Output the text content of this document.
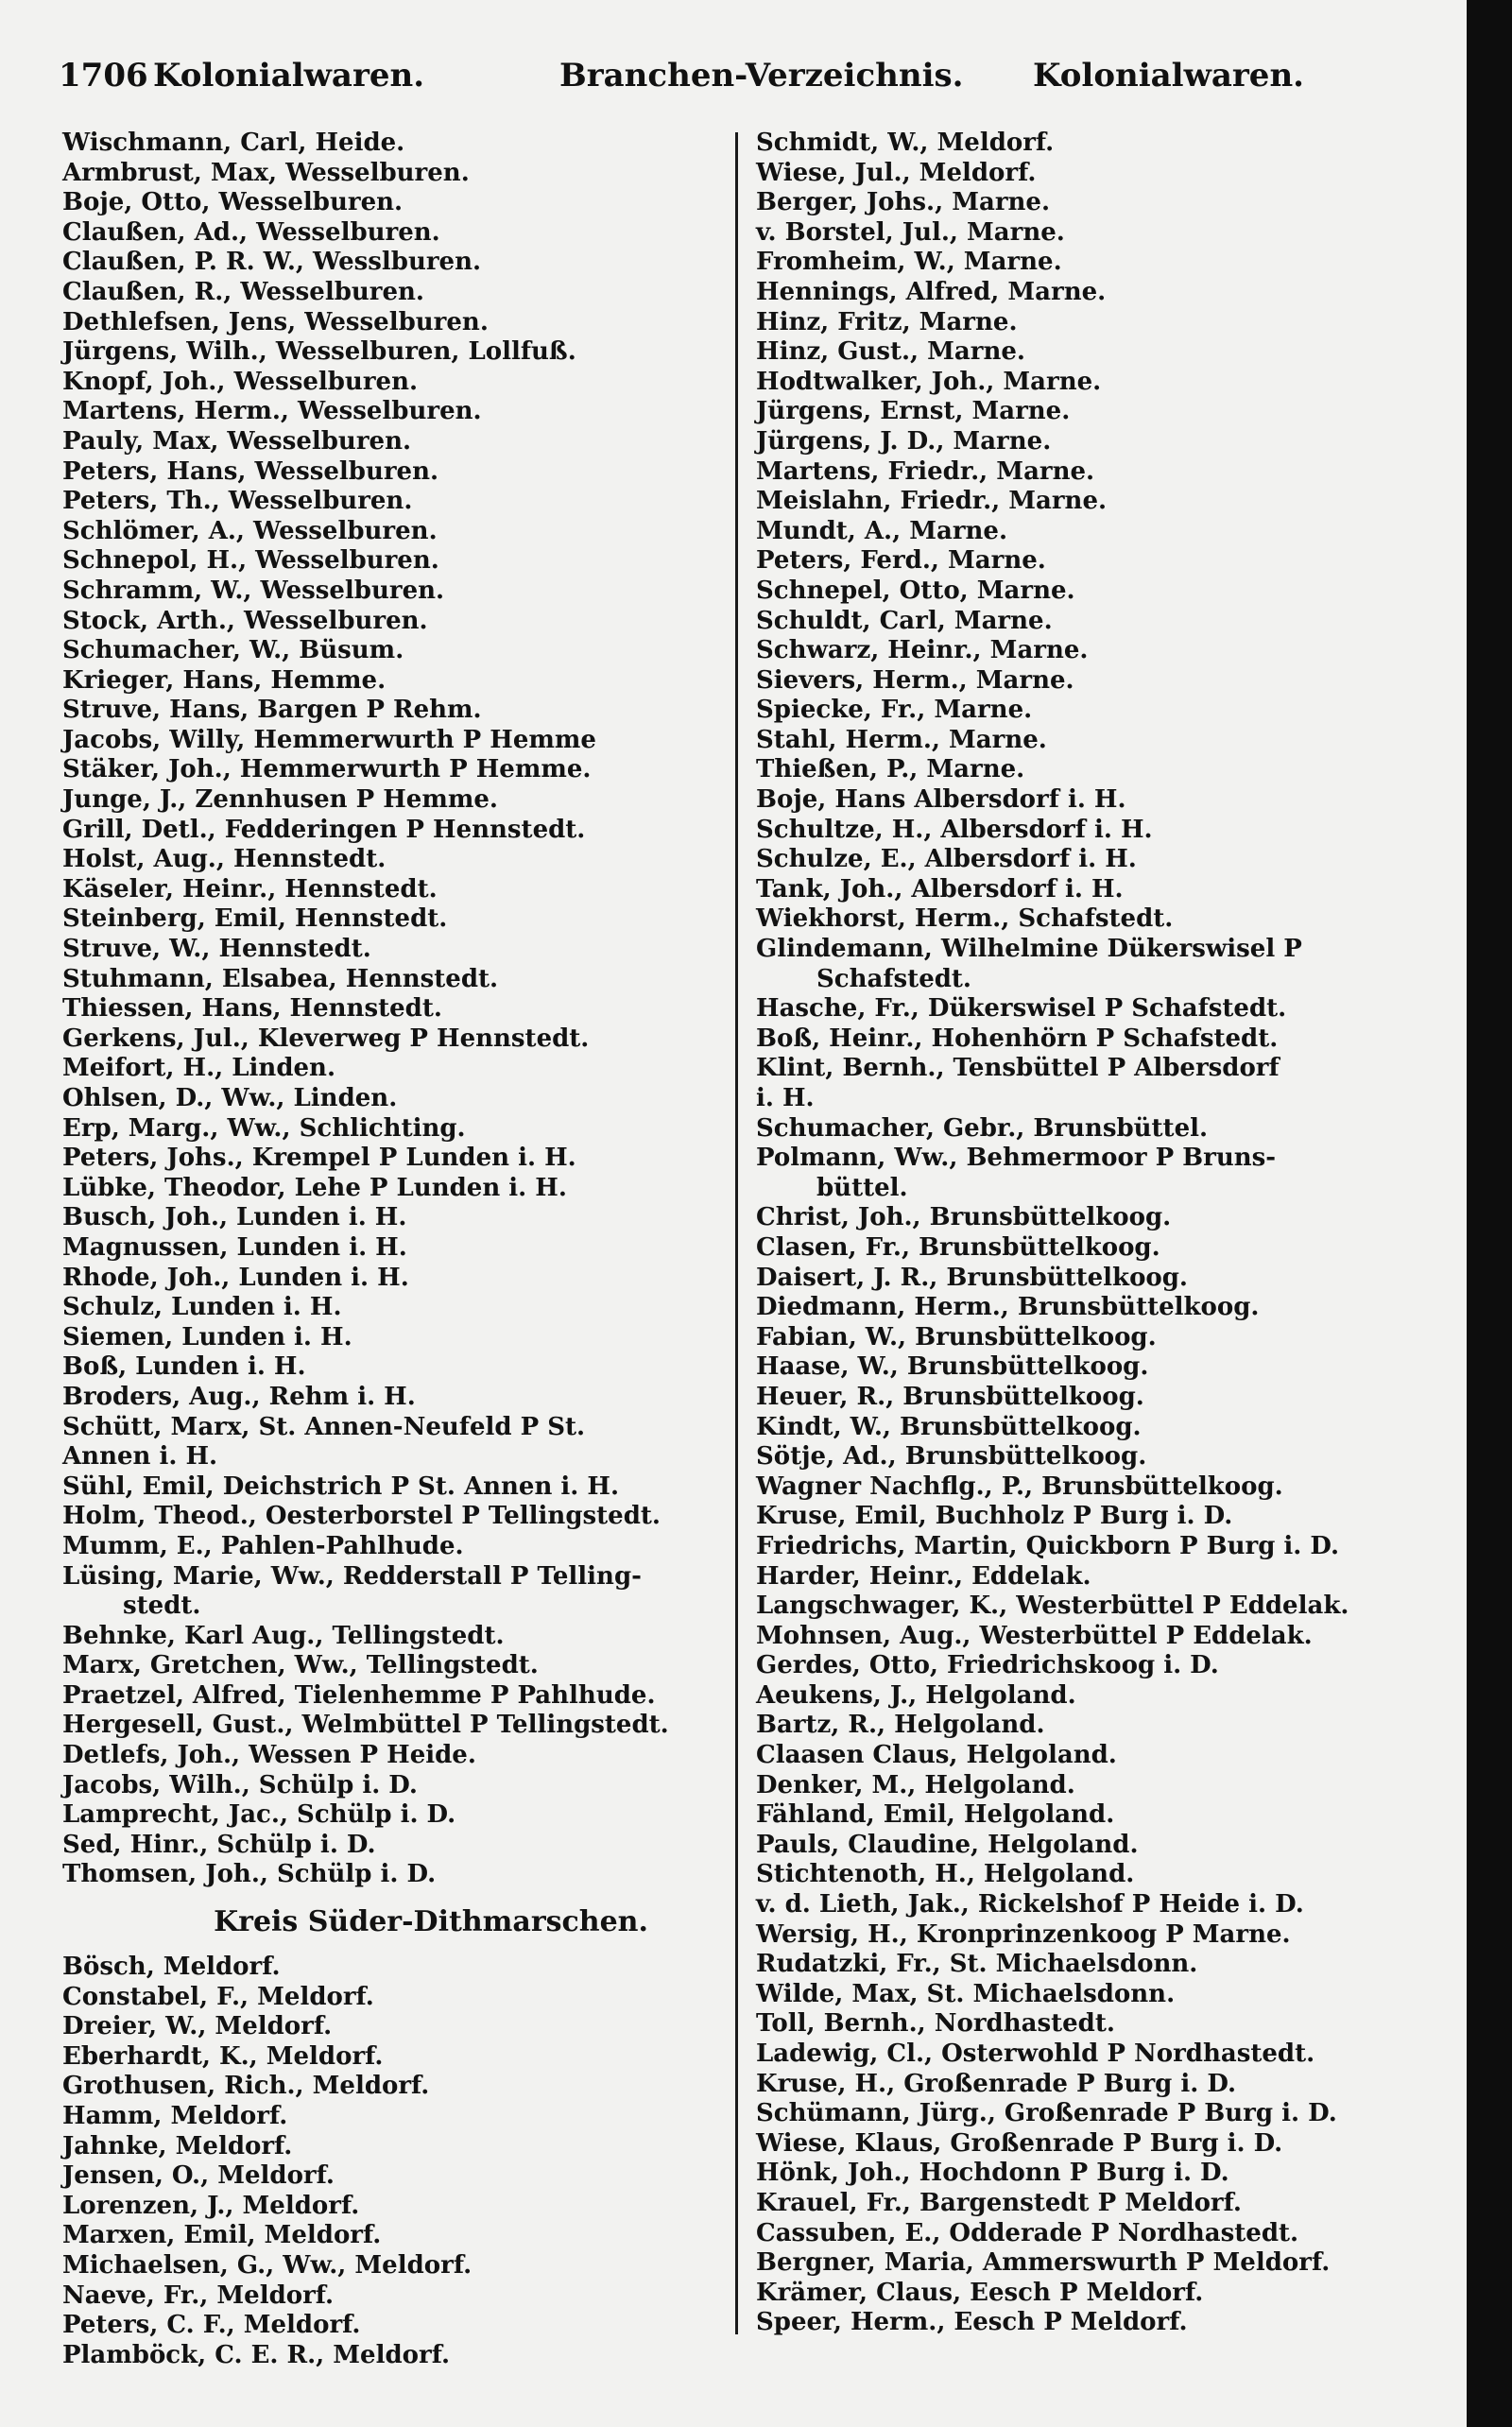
1706 Kolonialwaren.	Branchen-Verzeichnis. Kolonialwaren.
Wischmann, Carl, Heide.
Armbrust, Max, Wesselburen.
Boje, Otto, Wesselburen.
Claußen, Ad., Wesselburen.
Claußen, P. R. W., Wesslburen.
Claußen, R., Wesselburen.
Dethlefsen, Jens, Wesselburen.
Jürgens, Wilh., Wesselburen, Lollfuß.
Knopf, Joh., Wesselburen.
Martens, Herm., Wesselburen.
Pauly, Max, Wesselburen.
Peters, Hans, Wesselburen.
Peters, Th., Wesselburen.
Schlömer, A., Wesselburen.
Schnepol, H., Wesselburen.
Schramm, W., Wesselburen.
Stock, Arth., Wesselburen.
Schumacher, W., Büsum.
Krieger, Hans, Hemme.
Struve, Hans, Bargen P Rehm.
Jacobs, Willy, Hemmerwurth P Hemme
Stäker, Joh., Hemmerwurth P Hemme.
Junge, J., Zennhusen P Hemme.
Grill, Detl., Fedderingen P Hennstedt.
Holst, Aug., Hennstedt.
Käseler, Heinr., Hennstedt.
Steinberg, Emil, Hennstedt.
Struve, W., Hennstedt.
Stuhmann, Elsabea, Hennstedt.
Thiessen, Hans, Hennstedt.
Gerkens, Jul., Kleverweg P Hennstedt.
Meifort, H., Linden.
Ohlsen, D., Ww., Linden.
Erp, Marg., Ww., Schlichting.
Peters, Johs., Krempel P Lunden i. H.
Lübke, Theodor, Lehe P Lunden i. H.
Busch, Joh., Lunden i. H.
Magnussen, Lunden i. H.
Rhode, Joh., Lunden i. H.
Schulz, Lunden i. H.
Siemen, Lunden i. H.
Boß, Lunden i. H.
Broders, Aug., Rehm i. H.
Schütt, Marx, St. Annen-Neufeld P St.
Annen i. H.
Sühl, Emil, Deichstrich P St. Annen i. H.
Holm, Theod., Oesterborstel P Tellingstedt.
Mumm, E., Pahlen-Pahlhude.
Lüsing, Marie, Ww., Redderstall P Telling-
stedt.
Behnke, Karl Aug., Tellingstedt.
Marx, Gretchen, Ww., Tellingstedt.
Praetzel, Alfred, Tielenhemme P Pahlhude.
Hergesell, Gust., Welmbüttel P Tellingstedt.
Detlefs, Joh., Wessen P Heide.
Jacobs, Wilh., Schülp i. D.
Lamprecht, Jac., Schülp i. D.
Sed, Hinr., Schülp i. D.
Thomsen, Joh., Schülp i. D.
Kreis Süder-Dithmarschen.
Bösch, Meldorf.
Constabel, F., Meldorf.
Dreier, W., Meldorf.
Eberhardt, K., Meldorf.
Grothusen, Rich., Meldorf.
Hamm, Meldorf.
Jahnke, Meldorf.
Jensen, O., Meldorf.
Lorenzen, J., Meldorf.
Marxen, Emil, Meldorf.
Michaelsen, G., Ww., Meldorf.
Naeve, Fr., Meldorf.
Peters, C. F., Meldorf.
Plamböck, C. E. R., Meldorf.
Schmidt, W., Meldorf.
Wiese, Jul., Meldorf.
Berger, Johs., Marne.
v. Borstel, Jul., Marne.
Fromheim, W., Marne.
Hennings, Alfred, Marne.
Hinz, Fritz, Marne.
Hinz, Gust., Marne.
Hodtwalker, Joh., Marne.
Jürgens, Ernst, Marne.
Jürgens, J. D., Marne.
Martens, Friedr., Marne.
Meislahn, Friedr., Marne.
Mundt, A., Marne.
Peters, Ferd., Marne.
Schnepel, Otto, Marne.
Schuldt, Carl, Marne.
Schwarz, Heinr., Marne.
Sievers, Herm., Marne.
Spiecke, Fr., Marne.
Stahl, Herm., Marne.
Thießen, P., Marne.
Boje, Hans Albersdorf i. H.
Schultze, H., Albersdorf i. H.
Schulze, E., Albersdorf i. H.
Tank, Joh., Albersdorf i. H.
Wiekhorst, Herm., Schafstedt.
Glindemann, Wilhelmine Dükerswisel P
Schafstedt.
Hasche, Fr., Dükerswisel P Schafstedt.
Boß, Heinr., Hohenhörn P Schafstedt.
Klint, Bernh., Tensbüttel P Albersdorf
i. H.
Schumacher, Gebr., Brunsbüttel.
Polmann, Ww., Behmermoor P Bruns-
büttel.
Christ, Joh., Brunsbüttelkoog.
Clasen, Fr., Brunsbüttelkoog.
Daisert, J. R., Brunsbüttelkoog.
Diedmann, Herm., Brunsbüttelkoog.
Fabian, W., Brunsbüttelkoog.
Haase, W., Brunsbüttelkoog.
Heuer, R., Brunsbüttelkoog.
Kindt, W., Brunsbüttelkoog.
Sötje, Ad., Brunsbüttelkoog.
Wagner Nachflg., P., Brunsbüttelkoog.
Kruse, Emil, Buchholz P Burg i. D.
Friedrichs, Martin, Quickborn P Burg i. D.
Harder, Heinr., Eddelak.
Langschwager, K., Westerbüttel P Eddelak.
Mohnsen, Aug., Westerbüttel P Eddelak.
Gerdes, Otto, Friedrichskoog i. D.
Aeukens, J., Helgoland.
Bartz, R., Helgoland.
Claasen Claus, Helgoland.
Denker, M., Helgoland.
Fähland, Emil, Helgoland.
Pauls, Claudine, Helgoland.
Stichtenoth, H., Helgoland.
v. d. Lieth, Jak., Rickelshof P Heide i. D.
Wersig, H., Kronprinzenkoog P Marne.
Rudatzki, Fr., St. Michaelsdonn.
Wilde, Max, St. Michaelsdonn.
Toll, Bernh., Nordhastedt.
Ladewig, Cl., Osterwohld P Nordhastedt.
Kruse, H., Großenrade P Burg i. D.
Schümann, Jürg., Großenrade P Burg i. D.
Wiese, Klaus, Großenrade P Burg i. D.
Hönk, Joh., Hochdonn P Burg i. D.
Krauel, Fr., Bargenstedt P Meldorf.
Cassuben, E., Odderade P Nordhastedt.
Bergner, Maria, Ammerswurth P Meldorf.
Krämer, Claus, Eesch P Meldorf.
Speer, Herm., Eesch P Meldorf.
